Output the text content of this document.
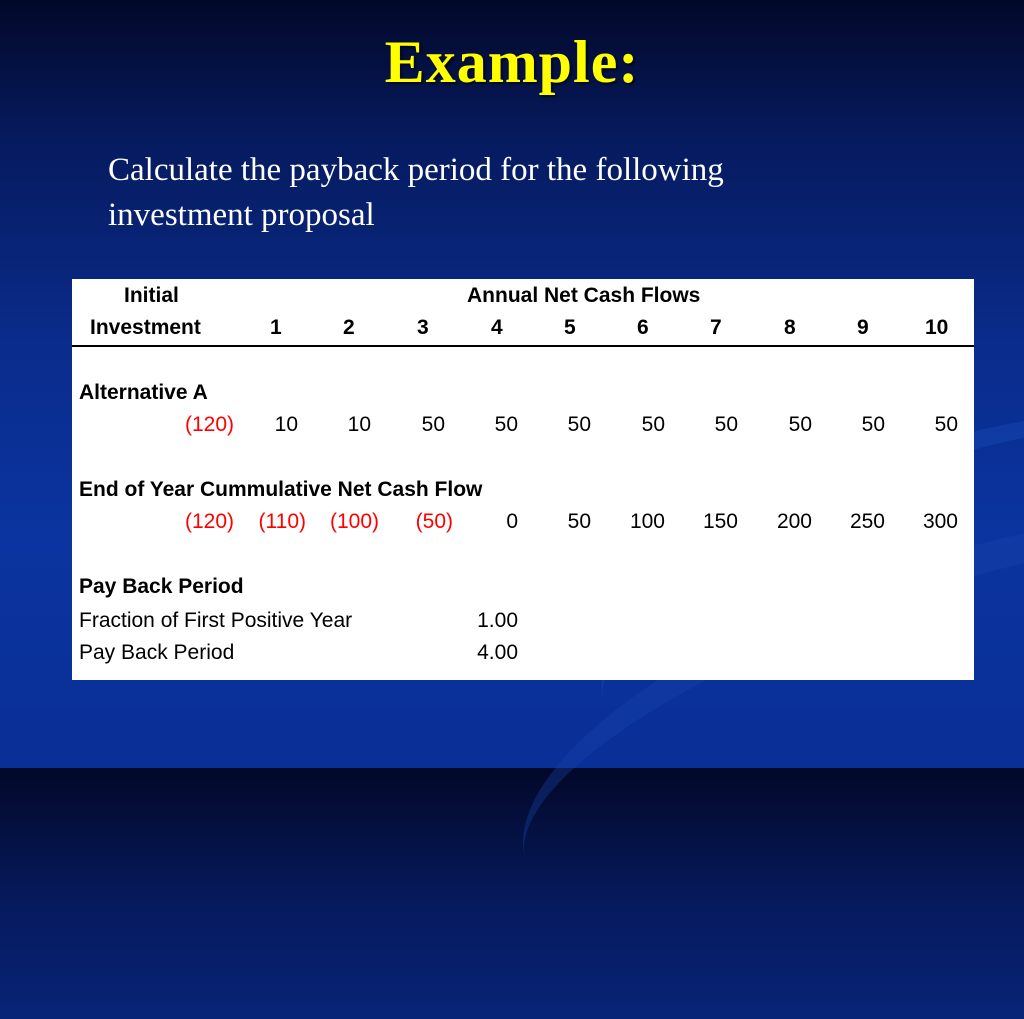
Example:
Calculate the payback period for the following
investment proposal
Initial
Investment
Annual Net Cash Flows
1	2	3	4	5	6	7	8	9	10
Alternative A
(120)	10	10	50	50	50	50	50	50	50	50
End of Year Cummulative Net Cash Flow
(120)	(110)	(100)	(50)	0	50	100	150	200	250	300
Pay Back Period
Fraction of First Positive Year	1.00
Pay Back Period	4.00
